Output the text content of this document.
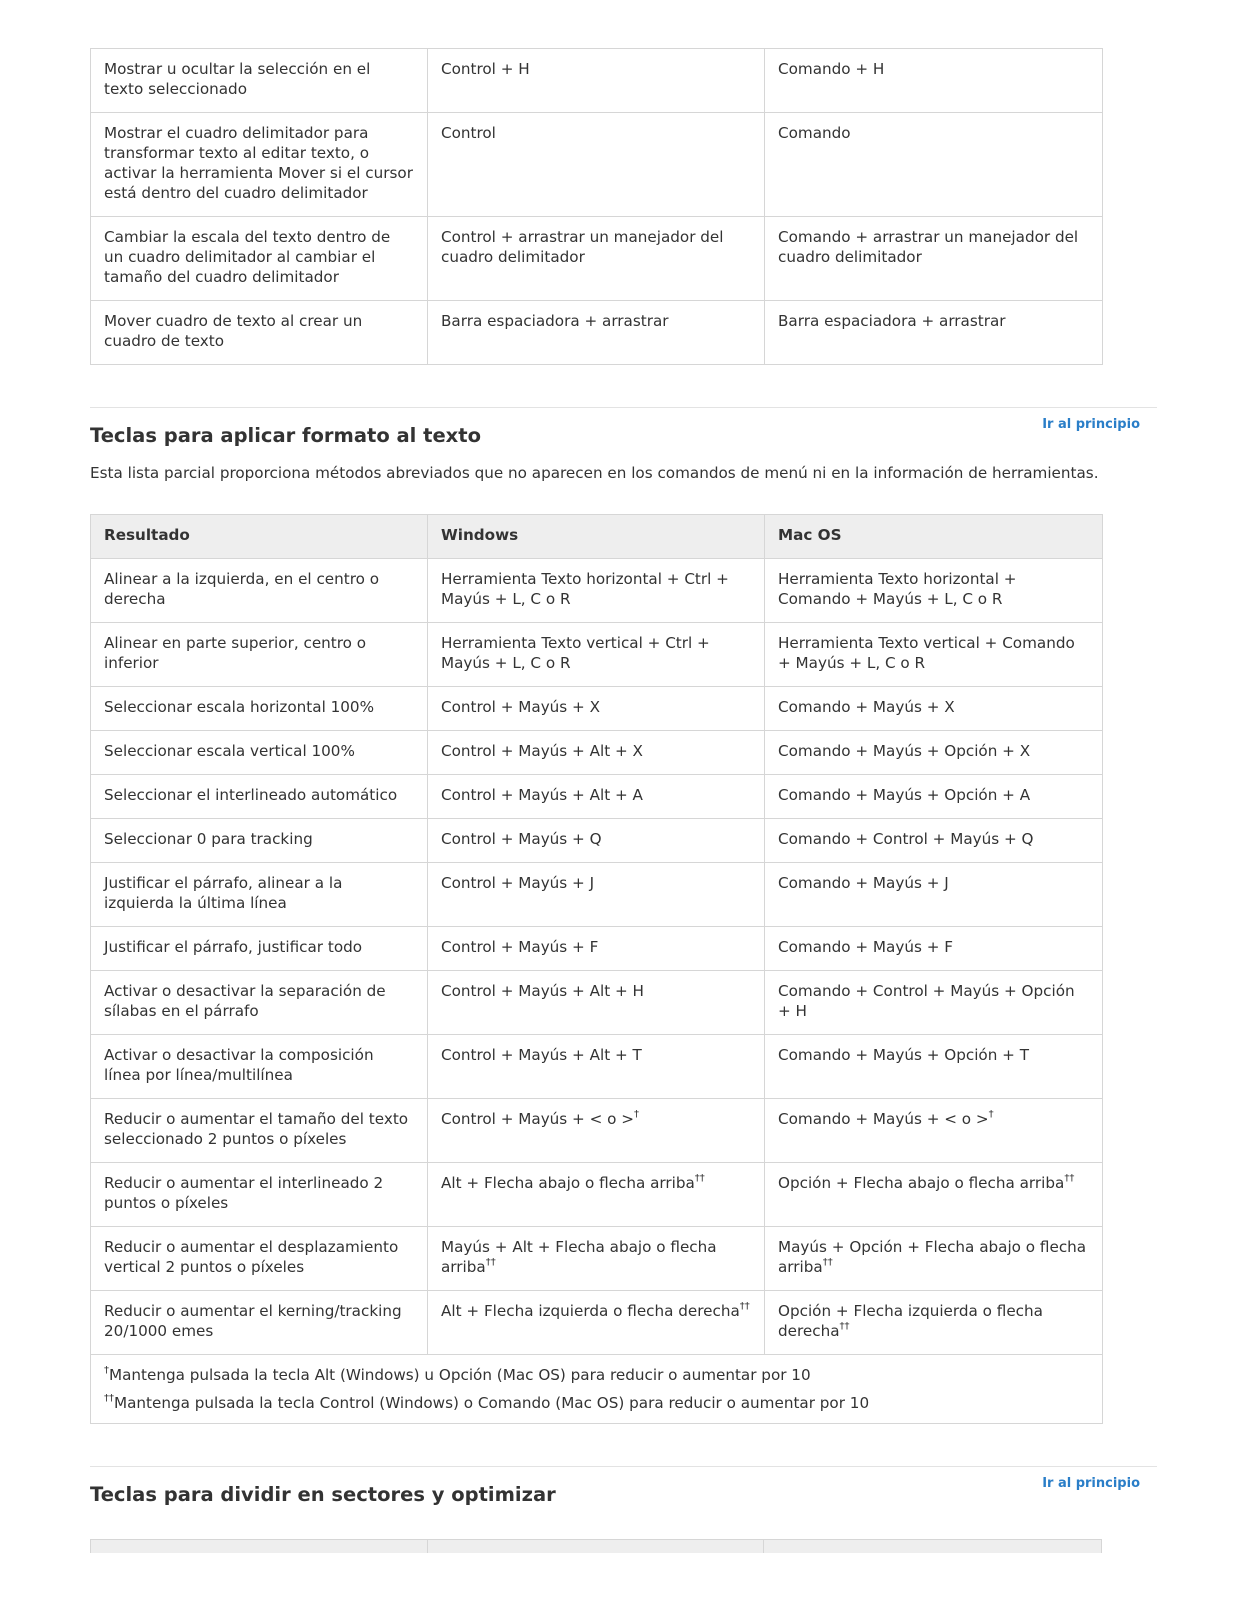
Mostrar u ocultar la selección en el texto seleccionado	Control + H	Comando + H
Mostrar el cuadro delimitador para transformar texto al editar texto, o activar la herramienta Mover si el cursor está dentro del cuadro delimitador	Control	Comando
Cambiar la escala del texto dentro de un cuadro delimitador al cambiar el tamaño del cuadro delimitador	Control + arrastrar un manejador del cuadro delimitador	Comando + arrastrar un manejador del cuadro delimitador
Mover cuadro de texto al crear un cuadro de texto	Barra espaciadora + arrastrar	Barra espaciadora + arrastrar
Ir al principio
Teclas para aplicar formato al texto

Esta lista parcial proporciona métodos abreviados que no aparecen en los comandos de menú ni en la información de herramientas.

Resultado	Windows	Mac OS
Alinear a la izquierda, en el centro o derecha	Herramienta Texto horizontal + Ctrl + Mayús + L, C o R	Herramienta Texto horizontal + Comando + Mayús + L, C o R
Alinear en parte superior, centro o inferior	Herramienta Texto vertical + Ctrl + Mayús + L, C o R	Herramienta Texto vertical + Comando + Mayús + L, C o R
Seleccionar escala horizontal 100%	Control + Mayús + X	Comando + Mayús + X
Seleccionar escala vertical 100%	Control + Mayús + Alt + X	Comando + Mayús + Opción + X
Seleccionar el interlineado automático	Control + Mayús + Alt + A	Comando + Mayús + Opción + A
Seleccionar 0 para tracking	Control + Mayús + Q	Comando + Control + Mayús + Q
Justificar el párrafo, alinear a la izquierda la última línea	Control + Mayús + J	Comando + Mayús + J
Justificar el párrafo, justificar todo	Control + Mayús + F	Comando + Mayús + F
Activar o desactivar la separación de sílabas en el párrafo	Control + Mayús + Alt + H	Comando + Control + Mayús + Opción + H
Activar o desactivar la composición línea por línea/multilínea	Control + Mayús + Alt + T	Comando + Mayús + Opción + T
Reducir o aumentar el tamaño del texto seleccionado 2 puntos o píxeles	Control + Mayús + < o >†	Comando + Mayús + < o >†
Reducir o aumentar el interlineado 2 puntos o píxeles	Alt + Flecha abajo o flecha arriba††	Opción + Flecha abajo o flecha arriba††
Reducir o aumentar el desplazamiento vertical 2 puntos o píxeles	Mayús + Alt + Flecha abajo o flecha arriba††	Mayús + Opción + Flecha abajo o flecha arriba††
Reducir o aumentar el kerning/tracking 20/1000 emes	Alt + Flecha izquierda o flecha derecha††	Opción + Flecha izquierda o flecha derecha††

†Mantenga pulsada la tecla Alt (Windows) u Opción (Mac OS) para reducir o aumentar por 10
††Mantenga pulsada la tecla Control (Windows) o Comando (Mac OS) para reducir o aumentar por 10		
Ir al principio
Teclas para dividir en sectores y optimizar
